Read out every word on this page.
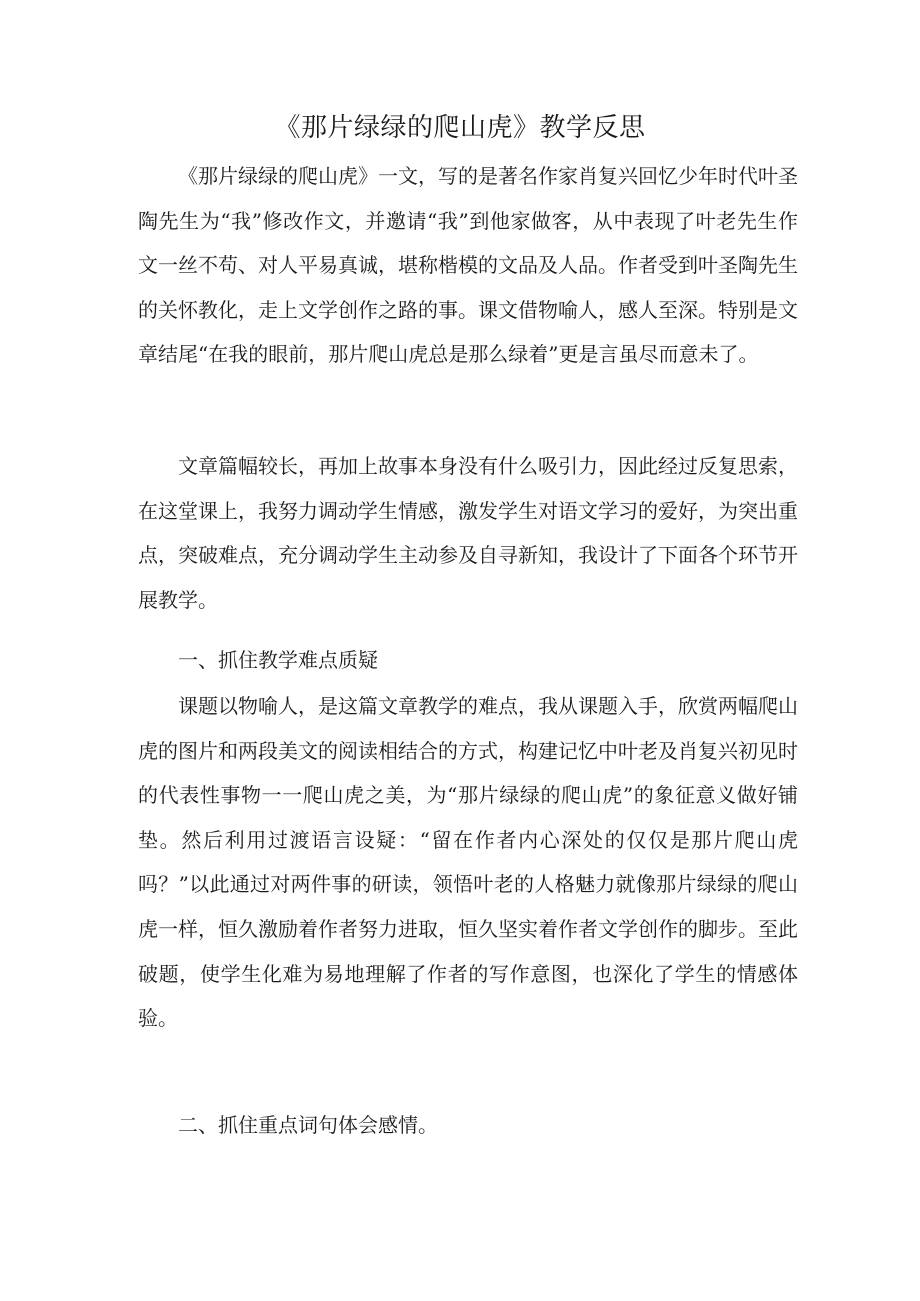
《那片绿绿的爬山虎》教学反思

《那片绿绿的爬山虎》一文，写的是著名作家肖复兴回忆少年时代叶圣陶先生为“我”修改作文，并邀请“我”到他家做客，从中表现了叶老先生作文一丝不苟、对人平易真诚，堪称楷模的文品及人品。作者受到叶圣陶先生的关怀教化，走上文学创作之路的事。课文借物喻人，感人至深。特别是文章结尾“在我的眼前，那片爬山虎总是那么绿着”更是言虽尽而意未了。

文章篇幅较长，再加上故事本身没有什么吸引力，因此经过反复思索，在这堂课上，我努力调动学生情感，激发学生对语文学习的爱好，为突出重点，突破难点，充分调动学生主动参及自寻新知，我设计了下面各个环节开展教学。

一、抓住教学难点质疑

课题以物喻人，是这篇文章教学的难点，我从课题入手，欣赏两幅爬山虎的图片和两段美文的阅读相结合的方式，构建记忆中叶老及肖复兴初见时的代表性事物一一爬山虎之美，为“那片绿绿的爬山虎”的象征意义做好铺垫。然后利用过渡语言设疑：“留在作者内心深处的仅仅是那片爬山虎吗？”以此通过对两件事的研读，领悟叶老的人格魅力就像那片绿绿的爬山虎一样，恒久激励着作者努力进取，恒久坚实着作者文学创作的脚步。至此破题，使学生化难为易地理解了作者的写作意图，也深化了学生的情感体验。

二、抓住重点词句体会感情。
